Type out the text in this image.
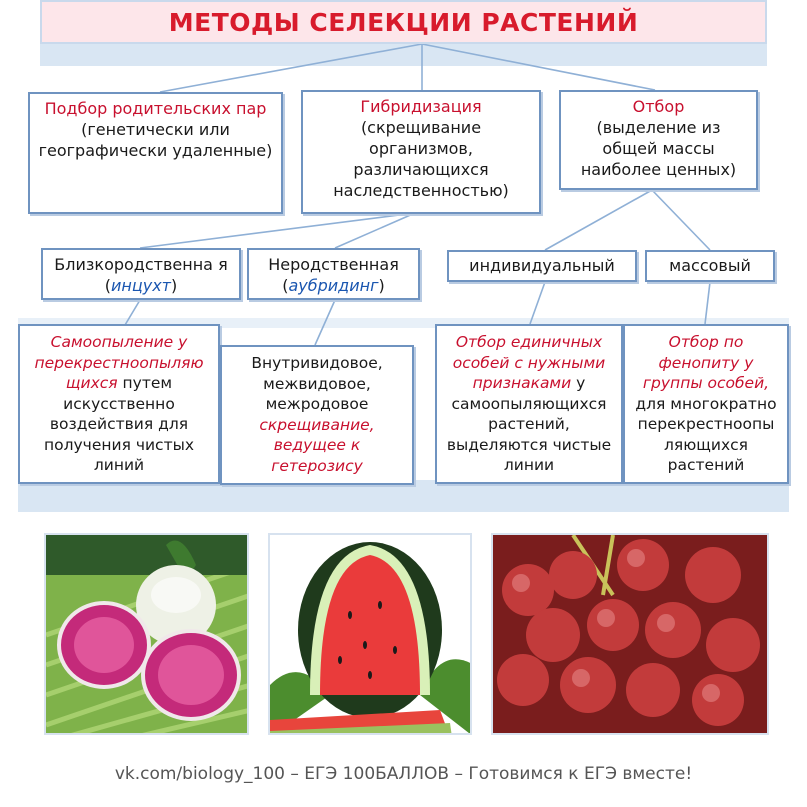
МЕТОДЫ СЕЛЕКЦИИ РАСТЕНИЙ
Подбор родительских пар
(генетически или географически удаленные)
Гибридизация
(скрещивание организмов, различающихся наследственностью)
Отбор
(выделение из общей массы наиболее ценных)
Близкородственна я (инцухт)
Неродственная (аубридинг)
индивидуальный	массовый
Самоопыление у перекрестноопыляю щихся путем искусственно воздействия для получения чистых линий
Внутривидовое, межвидовое, межродовое скрещивание, ведущее к гетерозису
Отбор единичных особей с нужными признаками у самоопыляющихся растений, выделяются чистые линии
Отбор по фенопиту у группы особей, для многократно перекрестноопы ляющихся растений
vk.com/biology_100 – ЕГЭ 100БАЛЛОВ – Готовимся к ЕГЭ вместе!
